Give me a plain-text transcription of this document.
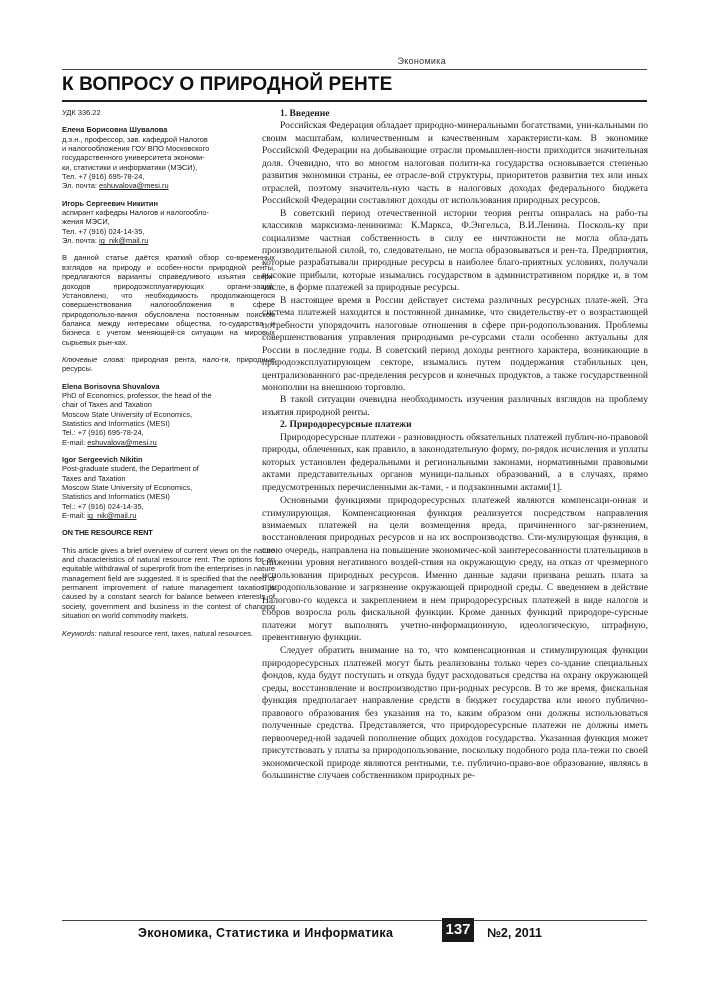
Экономика
К ВОПРОСУ О ПРИРОДНОЙ РЕНТЕ

УДК 336.22

Елена Борисовна Шувалова

д.э.н., профессор, зав. кафедрой Налогов

и налогообложения ГОУ ВПО Московского

государственного университета экономи-

ки, статистики и информатики (МЭСИ),

Тел. +7 (916) 695-78-24,

Эл. почта: eshuvalova@mesi.ru

Игорь Сергеевич Никитин

аспирант кафедры Налогов и налогообло-

жения МЭСИ,

Тел. +7 (916) 024-14-35,

Эл. почта: ig_nik@mail.ru

В данной статье даётся краткий обзор со-временных взглядов на природу и особен-ности природной ренты, предлагаются варианты справедливого изъятия сверх-доходов природоэксплуатирующих органи-заций. Установлено, что необходимость продолжающегося совершенствования налогообложения в сфере природопользо-вания обусловлена постоянным поиском баланса между интересами общества, го-сударства и бизнеса с учетом меняющей-ся ситуации на мировых сырьевых рын-ках.

Ключевые слова: природная рента, нало-ги, природные ресурсы.

Elena Borisovna Shuvalova

PhD of Economics, professor, the head of the

chair of Taxes and Taxation

Moscow State University of Economics,

Statistics and Informatics (MESI)

Tel.: +7 (916) 695-78-24,

E-mail: eshuvalova@mesi.ru

Igor Sergeevich Nikitin

Post-graduate student, the Department of

Taxes and Taxation

Moscow State University of Economics,

Statistics and Informatics (MESI)

Tel.: +7 (916) 024-14-35,

E-mail: ig_nik@mail.ru

ON THE RESOURCE RENT

This article gives a brief overview of current views on the nature and characteristics of natural resource rent. The options for an equitable withdrawal of superprofit from the enterprises in nature management field are suggested. It is specified that the need of permanent improvement of nature management taxation is caused by a constant search for balance between interests of society, government and business in the contest of changing situation on world commodity markets.

Keywords: natural resource rent, taxes, natural resources.

1. Введение

Российская Федерация обладает природно-минеральными богатствами, уни-кальными по своим масштабам, количественным и качественным характеристи-кам. В экономике Российской Федерации на добывающие отрасли промышлен-ности приходится значительная доля. Очевидно, что во многом налоговая полити-ка государства основывается степенью развития экономики страны, ее отрасле-вой структуры, приоритетов развития тех или иных отраслей, поэтому значитель-ную часть в налоговых доходах федерального бюджета Российской Федерации составляют доходы от использования природных ресурсов.

В советский период отечественной истории теория ренты опиралась на рабо-ты классиков марксизма-ленинизма: К.Маркса, Ф.Энгельса, В.И.Ленина. Посколь-ку при социализме частная собственность в силу ее ничтожности не могла обла-дать производительной силой, то, следовательно, не могла образовываться и рен-та. Предприятия, которые разрабатывали природные ресурсы в наиболее благо-приятных условиях, получали высокие прибыли, которые изымались государством в административном порядке и, в том числе, в форме платежей за природные ресурсы.

В настоящее время в России действует система различных ресурсных плате-жей. Эта система платежей находится в постоянной динамике, что свидетельству-ет о возрастающей потребности упорядочить налоговые отношения в сфере при-родопользования. Проблемы совершенствования управления природными ре-сурсами стали особенно актуальны для России в последние годы. В советский период доходы рентного характера, возникающие в природоэксплуатирующем секторе, изымались путем поддержания стабильных цен, централизованного рас-пределения ресурсов и конечных продуктов, а также государственной монополии на внешнюю торговлю.

В такой ситуации очевидна необходимость изучения различных взглядов на проблему изъятия природной ренты.

2. Природоресурсные платежи

Природоресурсные платежи - разновидность обязательных платежей публич-но-правовой природы, облеченных, как правило, в законодательную форму, по-рядок исчисления и уплаты которых установлен федеральными и региональными законами, нормативными правовыми актами представительных органов муници-пальных образований, а в случаях, прямо предусмотренных перечисленными ак-тами, - и подзаконными актами[1].

Основными функциями природоресурсных платежей являются компенсаци-онная и стимулирующая. Компенсационная функция реализуется посредством направления взимаемых платежей на цели возмещения вреда, причиненного заг-рязнением, восстановления природных ресурсов и на их воспроизводство. Сти-мулирующая функция, в свою очередь, направлена на повышение экономичес-кой заинтересованности плательщиков в снижении уровня негативного воздей-ствия на окружающую среду, на отказ от чрезмерного использования природных ресурсов. Именно данные задачи призвана решать плата за природопользование и загрязнение окружающей природной среды. С введением в действие Налогово-го кодекса и закреплением в нем природоресурсных платежей в виде налогов и сборов возросла роль фискальной функции. Кроме данных функций природоре-сурсные платежи могут выполнять учетно-информационную, идеологическую, штрафную, превентивную функции.

Следует обратить внимание на то, что компенсационная и стимулирующая функции природоресурсных платежей могут быть реализованы только через со-здание специальных фондов, куда будут поступать и откуда будут расходоваться средства на охрану окружающей среды, восстановление и воспроизводство при-родных ресурсов. В то же время, фискальная функция предполагает направление средств в бюджет государства или иного публично-правового образования без указания на то, каким образом они должны использоваться полученные средства. Представляется, что природоресурсные платежи не должны иметь первоочеред-ной задачей пополнение общих доходов государства. Указанная функция может присутствовать у платы за природопользование, поскольку подобного рода пла-тежи по своей экономической природе являются рентными, т.е. публично-право-вое образование, являясь в большинстве случаев собственником природных ре-

Экономика, Статистика и Информатика	137 №2, 2011
